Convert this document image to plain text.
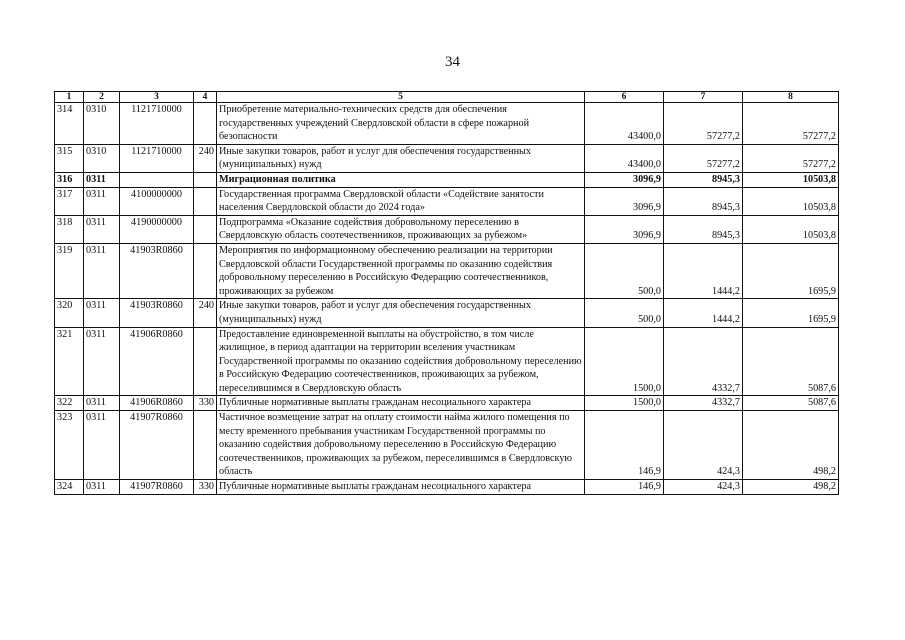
34
1	2	3	4	5	6	7	8
314	0310	1121710000		Приобретение материально-технических средств для обеспечения государственных учреждений Свердловской области в сфере пожарной безопасности	43400,0	57277,2	57277,2
315	0310	1121710000	240	Иные закупки товаров, работ и услуг для обеспечения государственных (муниципальных) нужд	43400,0	57277,2	57277,2
316	0311			Миграционная политика	3096,9	8945,3	10503,8
317	0311	4100000000		Государственная программа Свердловской области «Содействие занятости населения Свердловской области до 2024 года»	3096,9	8945,3	10503,8
318	0311	4190000000		Подпрограмма «Оказание содействия добровольному переселению в Свердловскую область соотечественников, проживающих за рубежом»	3096,9	8945,3	10503,8
319	0311	41903R0860		Мероприятия по информационному обеспечению реализации на территории Свердловской области Государственной программы по оказанию содействия добровольному переселению в Российскую Федерацию соотечественников, проживающих за рубежом	500,0	1444,2	1695,9
320	0311	41903R0860	240	Иные закупки товаров, работ и услуг для обеспечения государственных (муниципальных) нужд	500,0	1444,2	1695,9
321	0311	41906R0860		Предоставление единовременной выплаты на обустройство, в том числе жилищное, в период адаптации на территории вселения участникам Государственной программы по оказанию содействия добровольному переселению в Российскую Федерацию соотечественников, проживающих за рубежом, переселившимся в Свердловскую область	1500,0	4332,7	5087,6
322	0311	41906R0860	330	Публичные нормативные выплаты гражданам несоциального характера	1500,0	4332,7	5087,6
323	0311	41907R0860		Частичное возмещение затрат на оплату стоимости найма жилого помещения по месту временного пребывания участникам Государственной программы по оказанию содействия добровольному переселению в Российскую Федерацию соотечественников, проживающих за рубежом, переселившимся в Свердловскую область	146,9	424,3	498,2
324	0311	41907R0860	330	Публичные нормативные выплаты гражданам несоциального характера	146,9	424,3	498,2
